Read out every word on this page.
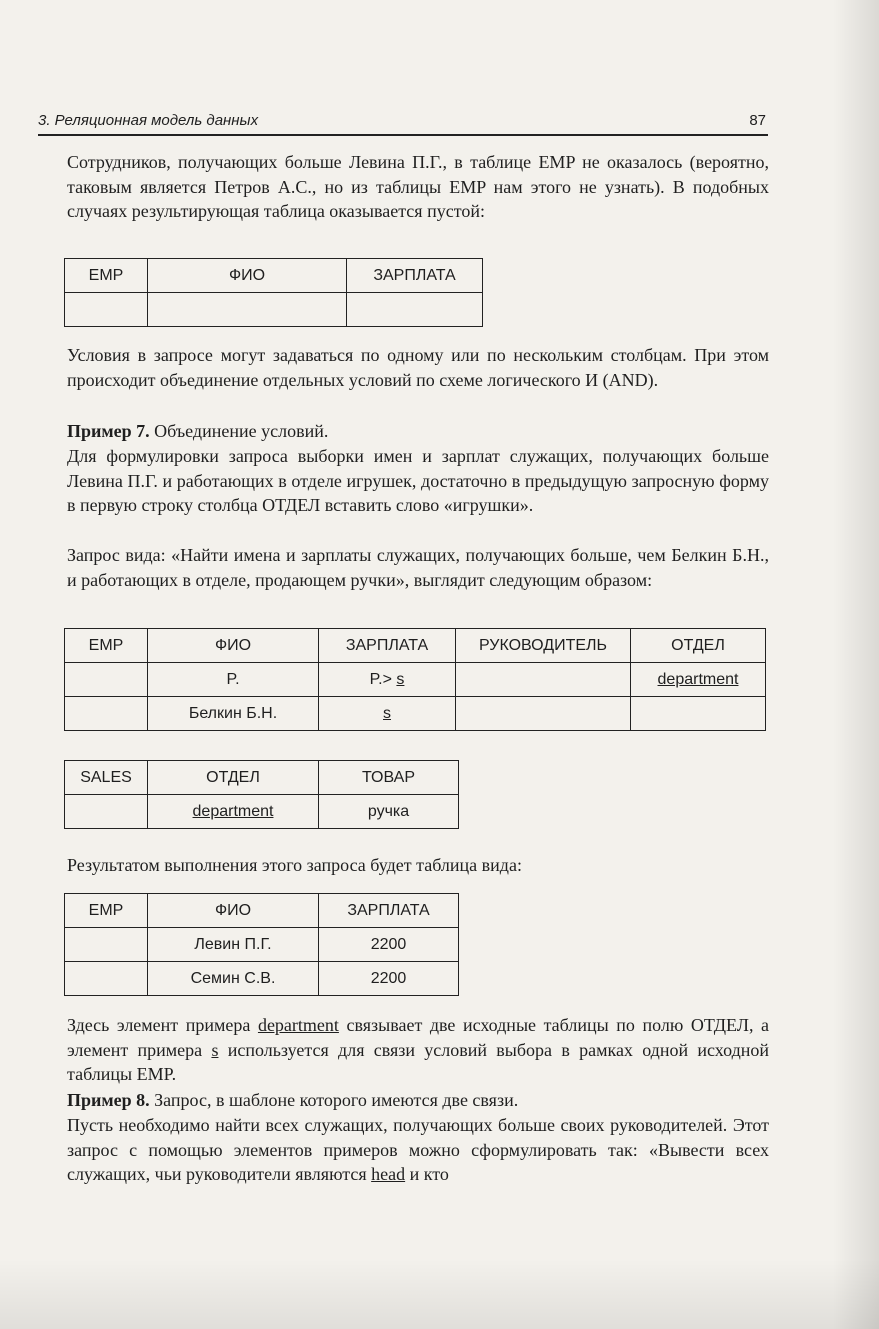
3. Реляционная модель данных	87
Сотрудников, получающих больше Левина П.Г., в таблице EMP не оказалось (вероятно, таковым является Петров А.С., но из таблицы EMP нам этого не узнать). В подобных случаях результирующая таблица оказывается пустой:
EMP	ФИО	ЗАРПЛАТА

Условия в запросе могут задаваться по одному или по нескольким столбцам. При этом происходит объединение отдельных условий по схеме логического И (AND).
Пример 7. Объединение условий.
Для формулировки запроса выборки имен и зарплат служащих, получающих больше Левина П.Г. и работающих в отделе игрушек, достаточно в предыдущую запросную форму в первую строку столбца ОТДЕЛ вставить слово «игрушки».
Запрос вида: «Найти имена и зарплаты служащих, получающих больше, чем Белкин Б.Н., и работающих в отделе, продающем ручки», выглядит следующим образом:
EMP	ФИО	ЗАРПЛАТА	РУКОВОДИТЕЛЬ	ОТДЕЛ
	P.	P.> s		department
	Белкин Б.Н.	s		
SALES	ОТДЕЛ	ТОВАР
	department	ручка
Результатом выполнения этого запроса будет таблица вида:
EMP	ФИО	ЗАРПЛАТА
	Левин П.Г.	2200
	Семин С.В.	2200
Здесь элемент примера department связывает две исходные таблицы по полю ОТДЕЛ, а элемент примера s используется для связи условий выбора в рамках одной исходной таблицы EMP.
Пример 8. Запрос, в шаблоне которого имеются две связи.
Пусть необходимо найти всех служащих, получающих больше своих руководителей. Этот запрос с помощью элементов примеров можно сформулировать так: «Вывести всех служащих, чьи руководители являются head и кто
